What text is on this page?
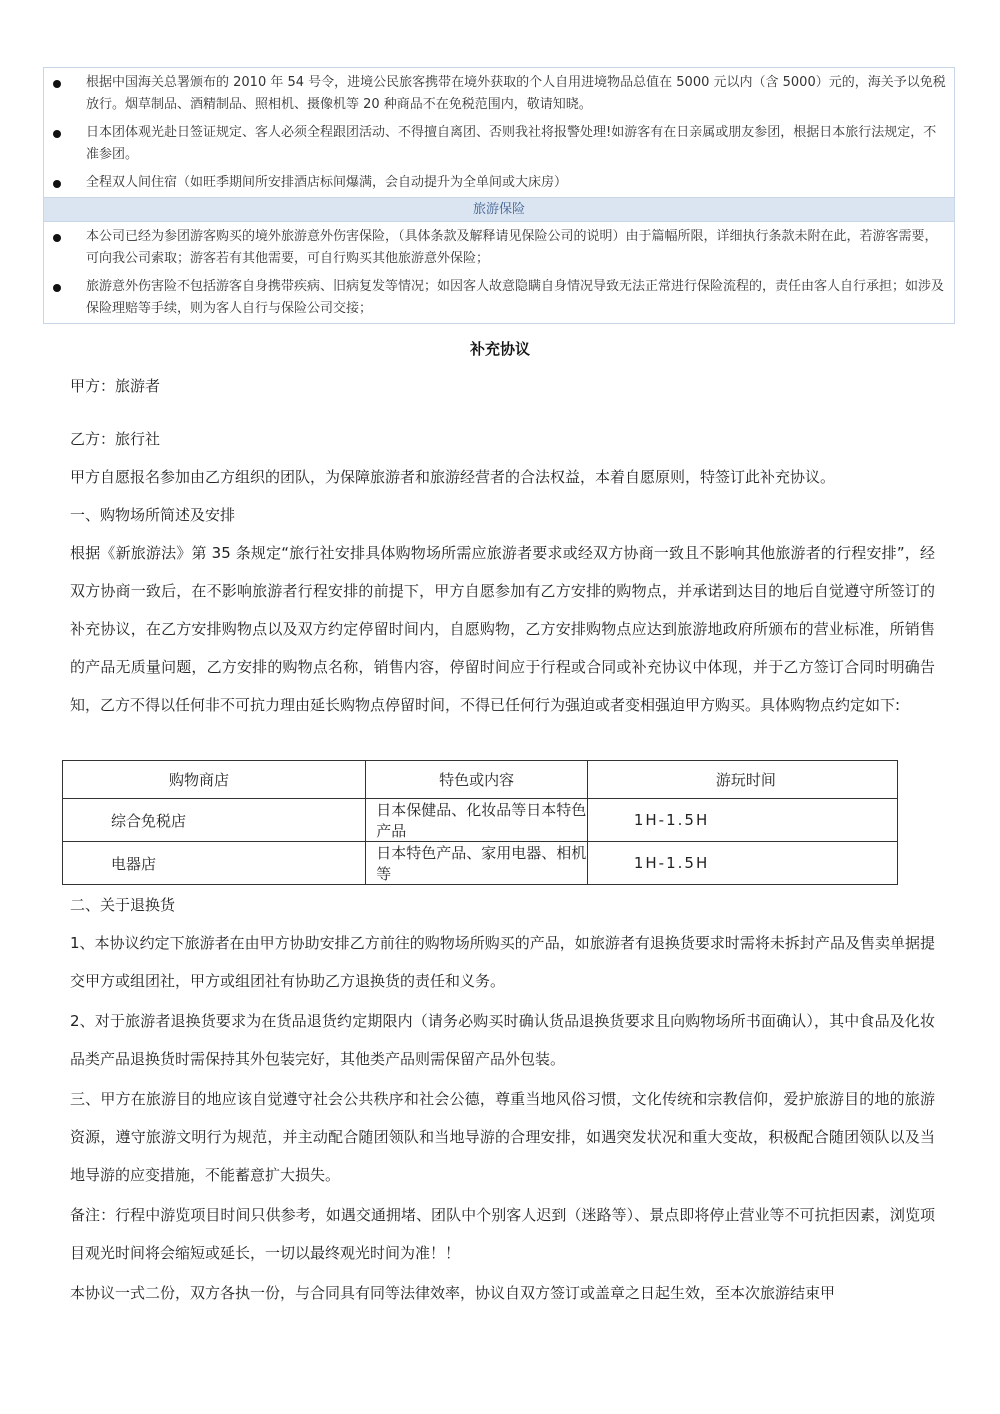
根据中国海关总署颁布的 2010 年 54 号令，进境公民旅客携带在境外获取的个人自用进境物品总值在 5000 元以内（含 5000）元的，海关予以免税放行。烟草制品、酒精制品、照相机、摄像机等 20 种商品不在免税范围内，敬请知晓。
日本团体观光赴日签证规定、客人必须全程跟团活动、不得擅自离团、否则我社将报警处理!如游客有在日亲属或朋友参团，根据日本旅行法规定，不准参团。
全程双人间住宿（如旺季期间所安排酒店标间爆满，会自动提升为全单间或大床房）
旅游保险
本公司已经为参团游客购买的境外旅游意外伤害保险，（具体条款及解释请见保险公司的说明）由于篇幅所限，详细执行条款未附在此，若游客需要，可向我公司索取；游客若有其他需要，可自行购买其他旅游意外保险；
旅游意外伤害险不包括游客自身携带疾病、旧病复发等情况；如因客人故意隐瞒自身情况导致无法正常进行保险流程的，责任由客人自行承担；如涉及保险理赔等手续，则为客人自行与保险公司交接；
补充协议
甲方：旅游者
乙方：旅行社
甲方自愿报名参加由乙方组织的团队，为保障旅游者和旅游经营者的合法权益，本着自愿原则，特签订此补充协议。
一、购物场所简述及安排
根据《新旅游法》第 35 条规定“旅行社安排具体购物场所需应旅游者要求或经双方协商一致且不影响其他旅游者的行程安排”，经双方协商一致后，在不影响旅游者行程安排的前提下，甲方自愿参加有乙方安排的购物点，并承诺到达目的地后自觉遵守所签订的补充协议，在乙方安排购物点以及双方约定停留时间内，自愿购物，乙方安排购物点应达到旅游地政府所颁布的营业标准，所销售的产品无质量问题，乙方安排的购物点名称，销售内容，停留时间应于行程或合同或补充协议中体现，并于乙方签订合同时明确告知，乙方不得以任何非不可抗力理由延长购物点停留时间，不得已任何行为强迫或者变相强迫甲方购买。具体购物点约定如下:
购物商店	特色或内容	游玩时间
综合免税店	日本保健品、化妆品等日本特色产品	1H-1.5H
电器店	日本特色产品、家用电器、相机等	1H-1.5H
二、关于退换货
1、本协议约定下旅游者在由甲方协助安排乙方前往的购物场所购买的产品，如旅游者有退换货要求时需将未拆封产品及售卖单据提交甲方或组团社，甲方或组团社有协助乙方退换货的责任和义务。
2、对于旅游者退换货要求为在货品退货约定期限内（请务必购买时确认货品退换货要求且向购物场所书面确认），其中食品及化妆品类产品退换货时需保持其外包装完好，其他类产品则需保留产品外包装。
三、甲方在旅游目的地应该自觉遵守社会公共秩序和社会公德，尊重当地风俗习惯，文化传统和宗教信仰，爱护旅游目的地的旅游资源，遵守旅游文明行为规范，并主动配合随团领队和当地导游的合理安排，如遇突发状况和重大变故，积极配合随团领队以及当地导游的应变措施，不能蓄意扩大损失。
备注：行程中游览项目时间只供参考，如遇交通拥堵、团队中个别客人迟到（迷路等）、景点即将停止营业等不可抗拒因素，浏览项目观光时间将会缩短或延长，一切以最终观光时间为准！！
本协议一式二份，双方各执一份，与合同具有同等法律效率，协议自双方签订或盖章之日起生效，至本次旅游结束甲
